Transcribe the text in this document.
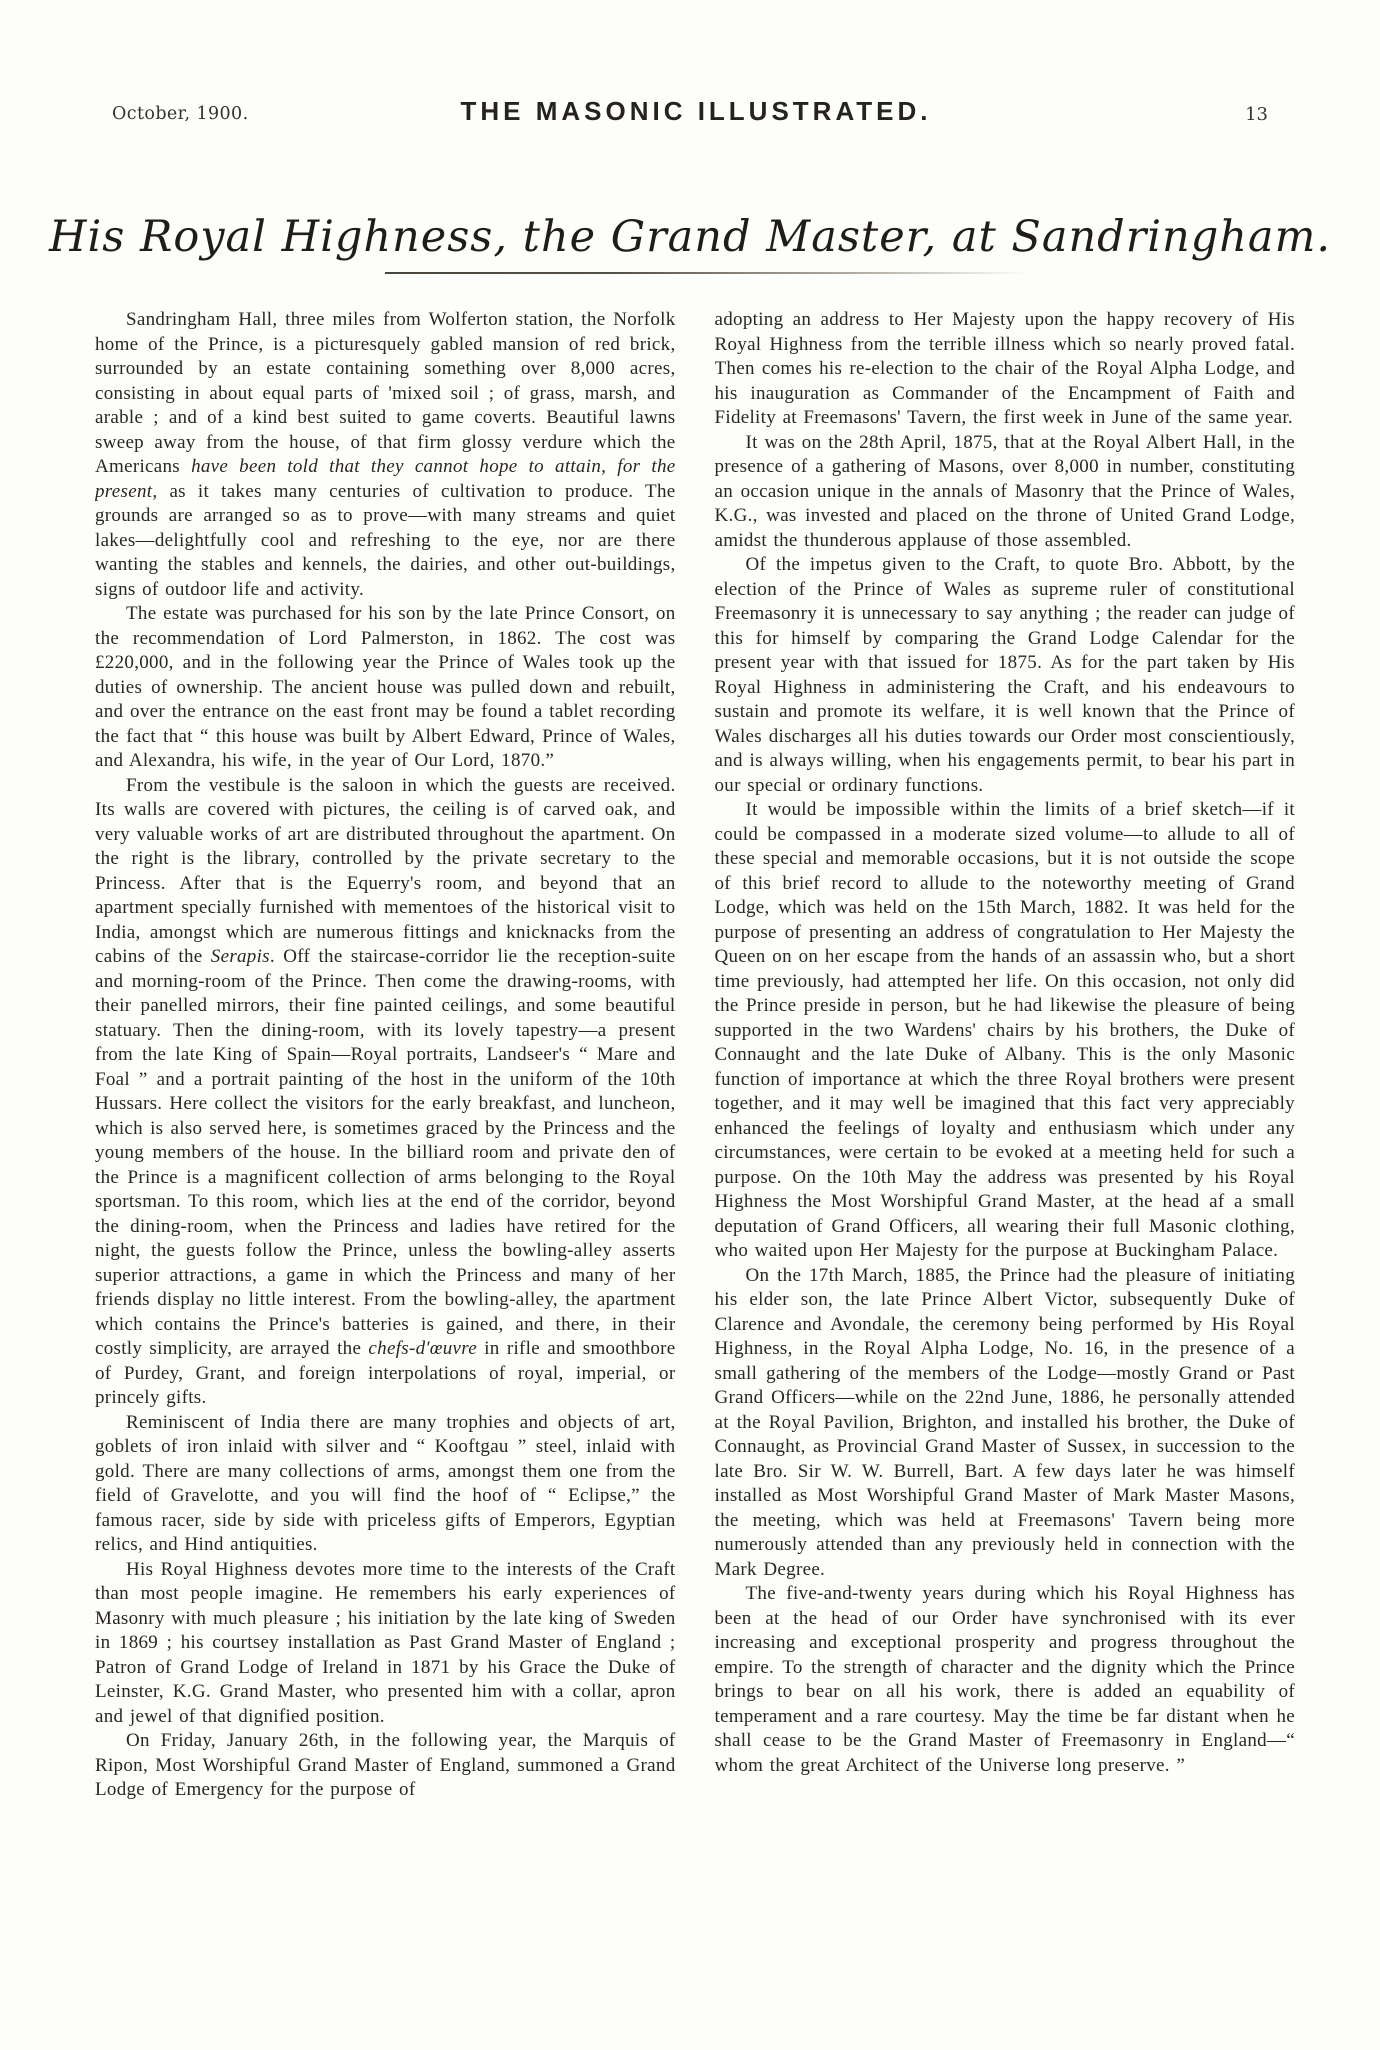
October, 1900.	THE MASONIC ILLUSTRATED.	13
His Royal Highness, the Grand Master, at Sandringham.

Sandringham Hall, three miles from Wolferton station, the Norfolk home of the Prince, is a picturesquely gabled mansion of red brick, surrounded by an estate containing something over 8,000 acres, consisting in about equal parts of 'mixed soil ; of grass, marsh, and arable ; and of a kind best suited to game coverts. Beautiful lawns sweep away from the house, of that firm glossy verdure which the Americans have been told that they cannot hope to attain, for the present, as it takes many centuries of cultivation to produce. The grounds are arranged so as to prove—with many streams and quiet lakes—delightfully cool and refreshing to the eye, nor are there wanting the stables and kennels, the dairies, and other out-buildings, signs of outdoor life and activity.

The estate was purchased for his son by the late Prince Consort, on the recommendation of Lord Palmerston, in 1862. The cost was £220,000, and in the following year the Prince of Wales took up the duties of ownership. The ancient house was pulled down and rebuilt, and over the entrance on the east front may be found a tablet recording the fact that “ this house was built by Albert Edward, Prince of Wales, and Alexandra, his wife, in the year of Our Lord, 1870.”

From the vestibule is the saloon in which the guests are received. Its walls are covered with pictures, the ceiling is of carved oak, and very valuable works of art are distributed throughout the apartment. On the right is the library, controlled by the private secretary to the Princess. After that is the Equerry's room, and beyond that an apartment specially furnished with mementoes of the historical visit to India, amongst which are numerous fittings and knicknacks from the cabins of the Serapis. Off the staircase-corridor lie the reception-suite and morning-room of the Prince. Then come the drawing-rooms, with their panelled mirrors, their fine painted ceilings, and some beautiful statuary. Then the dining-room, with its lovely tapestry—a present from the late King of Spain—Royal portraits, Landseer's “ Mare and Foal ” and a portrait painting of the host in the uniform of the 10th Hussars. Here collect the visitors for the early breakfast, and luncheon, which is also served here, is sometimes graced by the Princess and the young members of the house. In the billiard room and private den of the Prince is a magnificent collection of arms belonging to the Royal sportsman. To this room, which lies at the end of the corridor, beyond the dining-room, when the Princess and ladies have retired for the night, the guests follow the Prince, unless the bowling-alley asserts superior attractions, a game in which the Princess and many of her friends display no little interest. From the bowling-alley, the apartment which contains the Prince's batteries is gained, and there, in their costly simplicity, are arrayed the chefs-d'œuvre in rifle and smoothbore of Purdey, Grant, and foreign interpolations of royal, imperial, or princely gifts.

Reminiscent of India there are many trophies and objects of art, goblets of iron inlaid with silver and “ Kooftgau ” steel, inlaid with gold. There are many collections of arms, amongst them one from the field of Gravelotte, and you will find the hoof of “ Eclipse,” the famous racer, side by side with priceless gifts of Emperors, Egyptian relics, and Hind antiquities.

His Royal Highness devotes more time to the interests of the Craft than most people imagine. He remembers his early experiences of Masonry with much pleasure ; his initiation by the late king of Sweden in 1869 ; his courtsey installation as Past Grand Master of England ; Patron of Grand Lodge of Ireland in 1871 by his Grace the Duke of Leinster, K.G. Grand Master, who presented him with a collar, apron and jewel of that dignified position.

On Friday, January 26th, in the following year, the Marquis of Ripon, Most Worshipful Grand Master of England, summoned a Grand Lodge of Emergency for the purpose of

adopting an address to Her Majesty upon the happy recovery of His Royal Highness from the terrible illness which so nearly proved fatal. Then comes his re-election to the chair of the Royal Alpha Lodge, and his inauguration as Commander of the Encampment of Faith and Fidelity at Freemasons' Tavern, the first week in June of the same year.

It was on the 28th April, 1875, that at the Royal Albert Hall, in the presence of a gathering of Masons, over 8,000 in number, constituting an occasion unique in the annals of Masonry that the Prince of Wales, K.G., was invested and placed on the throne of United Grand Lodge, amidst the thunderous applause of those assembled.

Of the impetus given to the Craft, to quote Bro. Abbott, by the election of the Prince of Wales as supreme ruler of constitutional Freemasonry it is unnecessary to say anything ; the reader can judge of this for himself by comparing the Grand Lodge Calendar for the present year with that issued for 1875. As for the part taken by His Royal Highness in administering the Craft, and his endeavours to sustain and promote its welfare, it is well known that the Prince of Wales discharges all his duties towards our Order most conscientiously, and is always willing, when his engagements permit, to bear his part in our special or ordinary functions.

It would be impossible within the limits of a brief sketch—if it could be compassed in a moderate sized volume—to allude to all of these special and memorable occasions, but it is not outside the scope of this brief record to allude to the noteworthy meeting of Grand Lodge, which was held on the 15th March, 1882. It was held for the purpose of presenting an address of congratulation to Her Majesty the Queen on on her escape from the hands of an assassin who, but a short time previously, had attempted her life. On this occasion, not only did the Prince preside in person, but he had likewise the pleasure of being supported in the two Wardens' chairs by his brothers, the Duke of Connaught and the late Duke of Albany. This is the only Masonic function of importance at which the three Royal brothers were present together, and it may well be imagined that this fact very appreciably enhanced the feelings of loyalty and enthusiasm which under any circumstances, were certain to be evoked at a meeting held for such a purpose. On the 10th May the address was presented by his Royal Highness the Most Worshipful Grand Master, at the head af a small deputation of Grand Officers, all wearing their full Masonic clothing, who waited upon Her Majesty for the purpose at Buckingham Palace.

On the 17th March, 1885, the Prince had the pleasure of initiating his elder son, the late Prince Albert Victor, subsequently Duke of Clarence and Avondale, the ceremony being performed by His Royal Highness, in the Royal Alpha Lodge, No. 16, in the presence of a small gathering of the members of the Lodge—mostly Grand or Past Grand Officers—while on the 22nd June, 1886, he personally attended at the Royal Pavilion, Brighton, and installed his brother, the Duke of Connaught, as Provincial Grand Master of Sussex, in succession to the late Bro. Sir W. W. Burrell, Bart. A few days later he was himself installed as Most Worshipful Grand Master of Mark Master Masons, the meeting, which was held at Freemasons' Tavern being more numerously attended than any previously held in connection with the Mark Degree.

The five-and-twenty years during which his Royal Highness has been at the head of our Order have synchronised with its ever increasing and exceptional prosperity and progress throughout the empire. To the strength of character and the dignity which the Prince brings to bear on all his work, there is added an equability of temperament and a rare courtesy. May the time be far distant when he shall cease to be the Grand Master of Freemasonry in England—“ whom the great Architect of the Universe long preserve. ”
